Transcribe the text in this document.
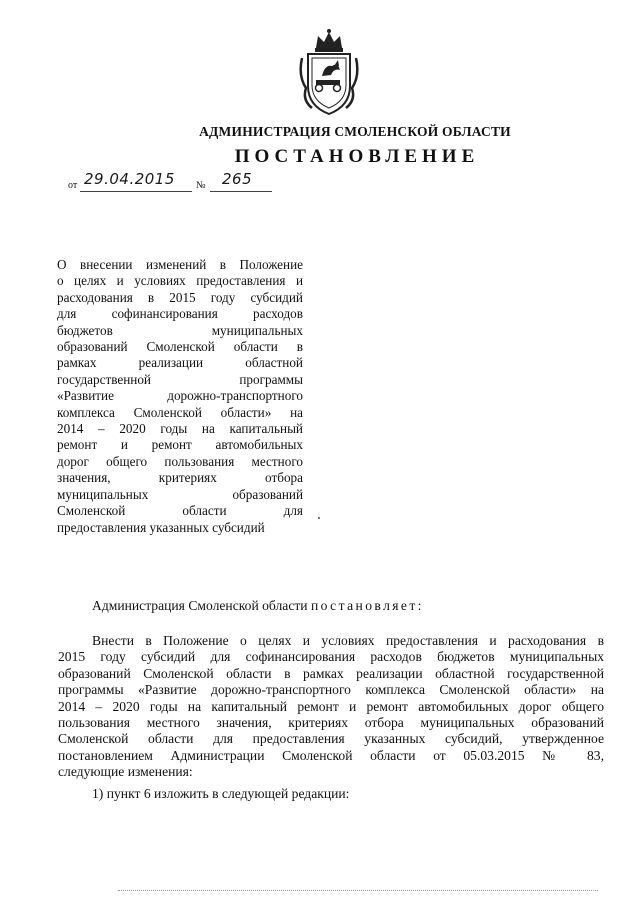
АДМИНИСТРАЦИЯ СМОЛЕНСКОЙ ОБЛАСТИ
ПОСТАНОВЛЕНИЕ
от 29.04.2015 № 265
О внесении изменений в Положение
о целях и условиях предоставления и
расходования в 2015 году субсидий
для софинансирования расходов
бюджетов муниципальных
образований Смоленской области в
рамках реализации областной
государственной программы
«Развитие дорожно-транспортного
комплекса Смоленской области» на
2014 – 2020 годы на капитальный
ремонт и ремонт автомобильных
дорог общего пользования местного
значения, критериях отбора
муниципальных образований
Смоленской области для
предоставления указанных субсидий
Администрация Смоленской области постановляет:
Внести в Положение о целях и условиях предоставления и расходования в
2015 году субсидий для софинансирования расходов бюджетов муниципальных
образований Смоленской области в рамках реализации областной государственной
программы «Развитие дорожно-транспортного комплекса Смоленской области» на
2014 – 2020 годы на капитальный ремонт и ремонт автомобильных дорог общего
пользования местного значения, критериях отбора муниципальных образований
Смоленской области для предоставления указанных субсидий, утвержденное
постановлением Администрации Смоленской области от 05.03.2015 № 83,
следующие изменения:
1) пункт 6 изложить в следующей редакции:
